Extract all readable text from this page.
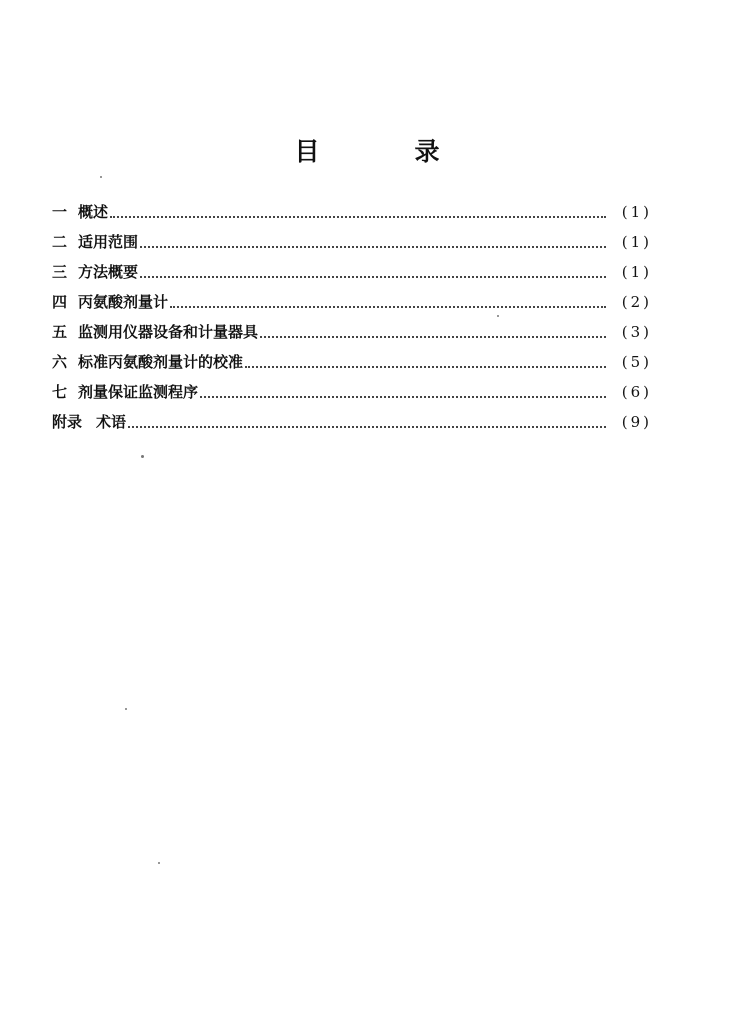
目	录
一 概述	(1)
二 适用范围	(1)
三 方法概要	(1)
四 丙氨酸剂量计	(2)
五 监测用仪器设备和计量器具	(3)
六 标准丙氨酸剂量计的校准	(5)
七 剂量保证监测程序	(6)
附录 术语	(9)
